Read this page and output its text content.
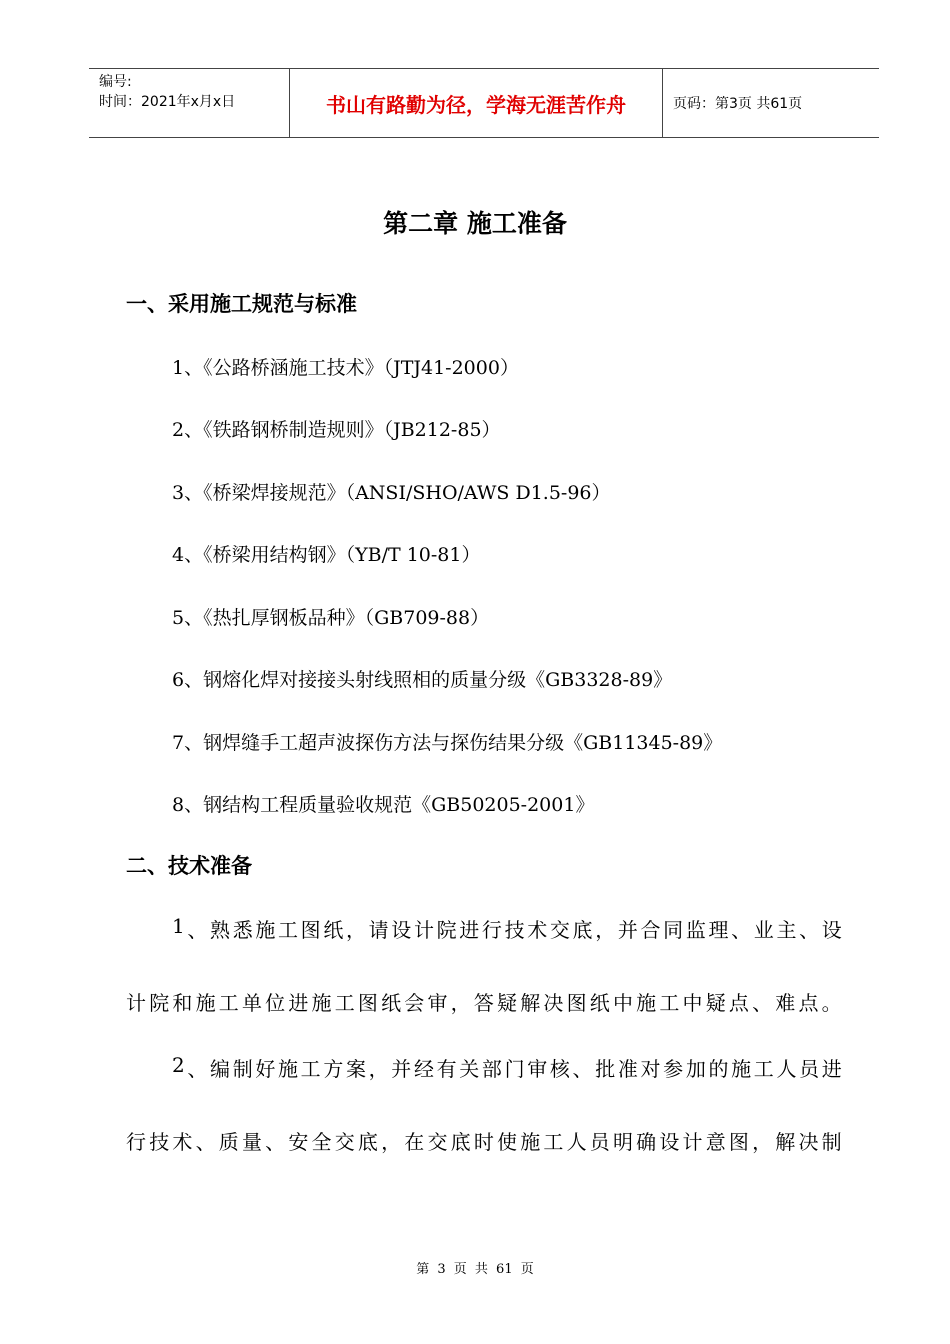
编号:
时间：2021年x月x日	书山有路勤为径，学海无涯苦作舟	页码：第3页 共61页
第二章 施工准备
一、采用施工规范与标准
1、《公路桥涵施工技术》（JTJ41-2000）
2、《铁路钢桥制造规则》（JB212-85）
3、《桥梁焊接规范》（ANSI/SHO/AWS D1.5-96）
4、《桥梁用结构钢》（YB/T 10-81）
5、《热扎厚钢板品种》（GB709-88）
6、钢熔化焊对接接头射线照相的质量分级《GB3328-89》
7、钢焊缝手工超声波探伤方法与探伤结果分级《GB11345-89》
8、钢结构工程质量验收规范《GB50205-2001》
二、技术准备
1 、 熟 悉 施 工 图 纸 ， 请 设 计 院 进 行 技 术 交 底 ， 并 合 同 监 理 、 业 主 、 设
计 院 和 施 工 单 位 进 施 工 图 纸 会 审 ， 答 疑 解 决 图 纸 中 施 工 中 疑 点 、 难 点 。
2 、 编 制 好 施 工 方 案 ， 并 经 有 关 部 门 审 核 、 批 准 对 参 加 的 施 工 人 员 进
行 技 术 、 质 量 、 安 全 交 底 ， 在 交 底 时 使 施 工 人 员 明 确 设 计 意 图 ， 解 决 制
第 3 页 共 61 页
